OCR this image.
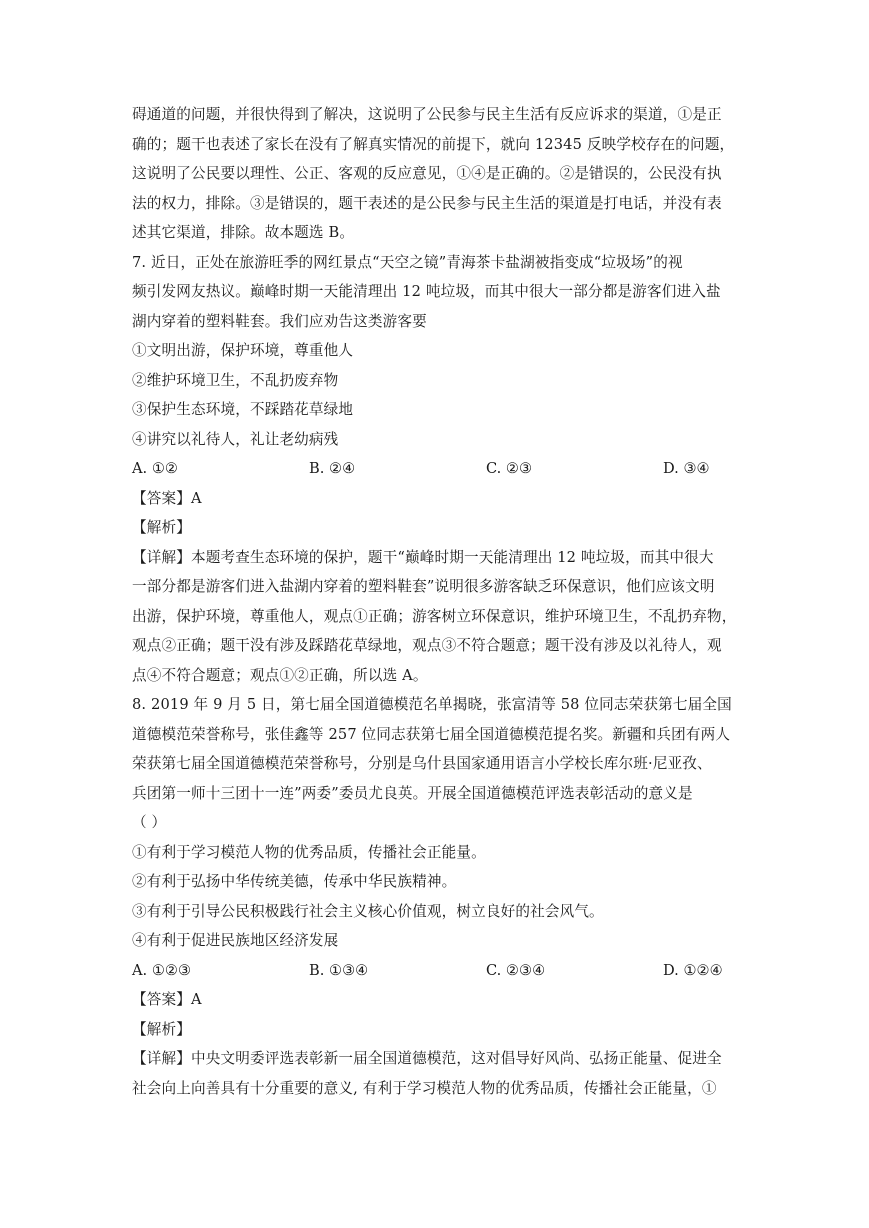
碍通道的问题，并很快得到了解决，这说明了公民参与民主生活有反应诉求的渠道，①是正
确的；题干也表述了家长在没有了解真实情况的前提下，就向 12345 反映学校存在的问题，
这说明了公民要以理性、公正、客观的反应意见，①④是正确的。②是错误的，公民没有执
法的权力，排除。③是错误的，题干表述的是公民参与民主生活的渠道是打电话，并没有表
述其它渠道，排除。故本题选 B。
7. 近日，正处在旅游旺季的网红景点“天空之镜”青海茶卡盐湖被指变成“垃圾场”的视
频引发网友热议。巅峰时期一天能清理出 12 吨垃圾，而其中很大一部分都是游客们进入盐
湖内穿着的塑料鞋套。我们应劝告这类游客要
①文明出游，保护环境，尊重他人
②维护环境卫生，不乱扔废弃物
③保护生态环境，不踩踏花草绿地
④讲究以礼待人，礼让老幼病残
A. ①②	B. ②④	C. ②③	D. ③④
【答案】A
【解析】
【详解】本题考查生态环境的保护，题干“巅峰时期一天能清理出 12 吨垃圾，而其中很大
一部分都是游客们进入盐湖内穿着的塑料鞋套”说明很多游客缺乏环保意识，他们应该文明
出游，保护环境，尊重他人，观点①正确；游客树立环保意识，维护环境卫生，不乱扔弃物，
观点②正确；题干没有涉及踩踏花草绿地，观点③不符合题意；题干没有涉及以礼待人，观
点④不符合题意；观点①②正确，所以选 A。
8. 2019 年 9 月 5 日，第七届全国道德模范名单揭晓，张富清等 58 位同志荣获第七届全国
道德模范荣誉称号，张佳鑫等 257 位同志获第七届全国道德模范提名奖。新疆和兵团有两人
荣获第七届全国道德模范荣誉称号，分别是乌什县国家通用语言小学校长库尔班·尼亚孜、
兵团第一师十三团十一连”两委”委员尤良英。开展全国道德模范评选表彰活动的意义是
（ ）
①有利于学习模范人物的优秀品质，传播社会正能量。
②有利于弘扬中华传统美德，传承中华民族精神。
③有利于引导公民积极践行社会主义核心价值观，树立良好的社会风气。
④有利于促进民族地区经济发展
A. ①②③	B. ①③④	C. ②③④	D. ①②④
【答案】A
【解析】
【详解】中央文明委评选表彰新一届全国道德模范，这对倡导好风尚、弘扬正能量、促进全
社会向上向善具有十分重要的意义, 有利于学习模范人物的优秀品质，传播社会正能量，①
